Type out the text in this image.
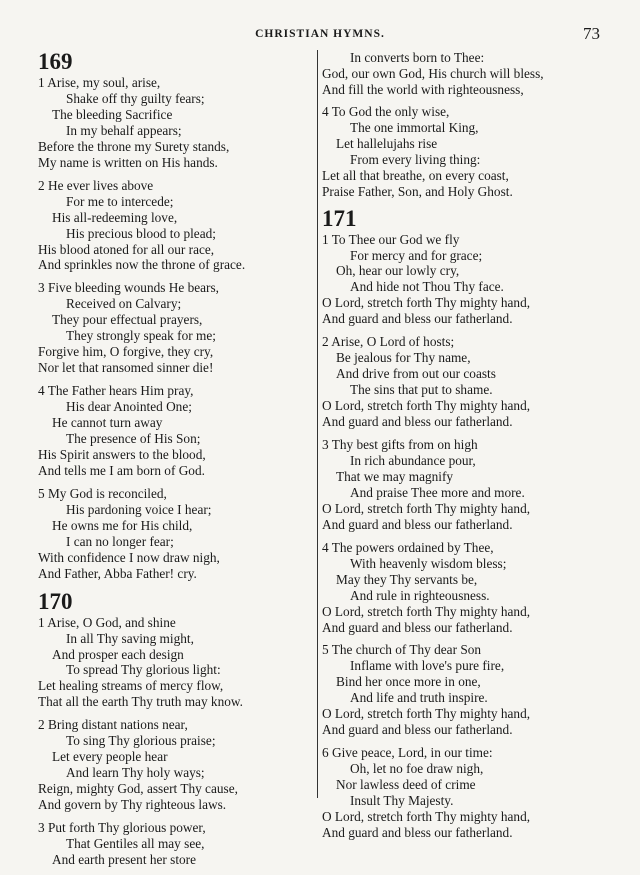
CHRISTIAN HYMNS.	73
169
1 Arise, my soul, arise,
Shake off thy guilty fears;
The bleeding Sacrifice
In my behalf appears;
Before the throne my Surety stands,
My name is written on His hands.
2 He ever lives above
For me to intercede;
His all-redeeming love,
His precious blood to plead;
His blood atoned for all our race,
And sprinkles now the throne of grace.
3 Five bleeding wounds He bears,
Received on Calvary;
They pour effectual prayers,
They strongly speak for me;
Forgive him, O forgive, they cry,
Nor let that ransomed sinner die!
4 The Father hears Him pray,
His dear Anointed One;
He cannot turn away
The presence of His Son;
His Spirit answers to the blood,
And tells me I am born of God.
5 My God is reconciled,
His pardoning voice I hear;
He owns me for His child,
I can no longer fear;
With confidence I now draw nigh,
And Father, Abba Father! cry.
170
1 Arise, O God, and shine
In all Thy saving might,
And prosper each design
To spread Thy glorious light:
Let healing streams of mercy flow,
That all the earth Thy truth may know.
2 Bring distant nations near,
To sing Thy glorious praise;
Let every people hear
And learn Thy holy ways;
Reign, mighty God, assert Thy cause,
And govern by Thy righteous laws.
3 Put forth Thy glorious power,
That Gentiles all may see,
And earth present her store
In converts born to Thee:
God, our own God, His church will bless,
And fill the world with righteousness,
4 To God the only wise,
The one immortal King,
Let hallelujahs rise
From every living thing:
Let all that breathe, on every coast,
Praise Father, Son, and Holy Ghost.
171
1 To Thee our God we fly
For mercy and for grace;
Oh, hear our lowly cry,
And hide not Thou Thy face.
O Lord, stretch forth Thy mighty hand,
And guard and bless our fatherland.
2 Arise, O Lord of hosts;
Be jealous for Thy name,
And drive from out our coasts
The sins that put to shame.
O Lord, stretch forth Thy mighty hand,
And guard and bless our fatherland.
3 Thy best gifts from on high
In rich abundance pour,
That we may magnify
And praise Thee more and more.
O Lord, stretch forth Thy mighty hand,
And guard and bless our fatherland.
4 The powers ordained by Thee,
With heavenly wisdom bless;
May they Thy servants be,
And rule in righteousness.
O Lord, stretch forth Thy mighty hand,
And guard and bless our fatherland.
5 The church of Thy dear Son
Inflame with love's pure fire,
Bind her once more in one,
And life and truth inspire.
O Lord, stretch forth Thy mighty hand,
And guard and bless our fatherland.
6 Give peace, Lord, in our time:
Oh, let no foe draw nigh,
Nor lawless deed of crime
Insult Thy Majesty.
O Lord, stretch forth Thy mighty hand,
And guard and bless our fatherland.
